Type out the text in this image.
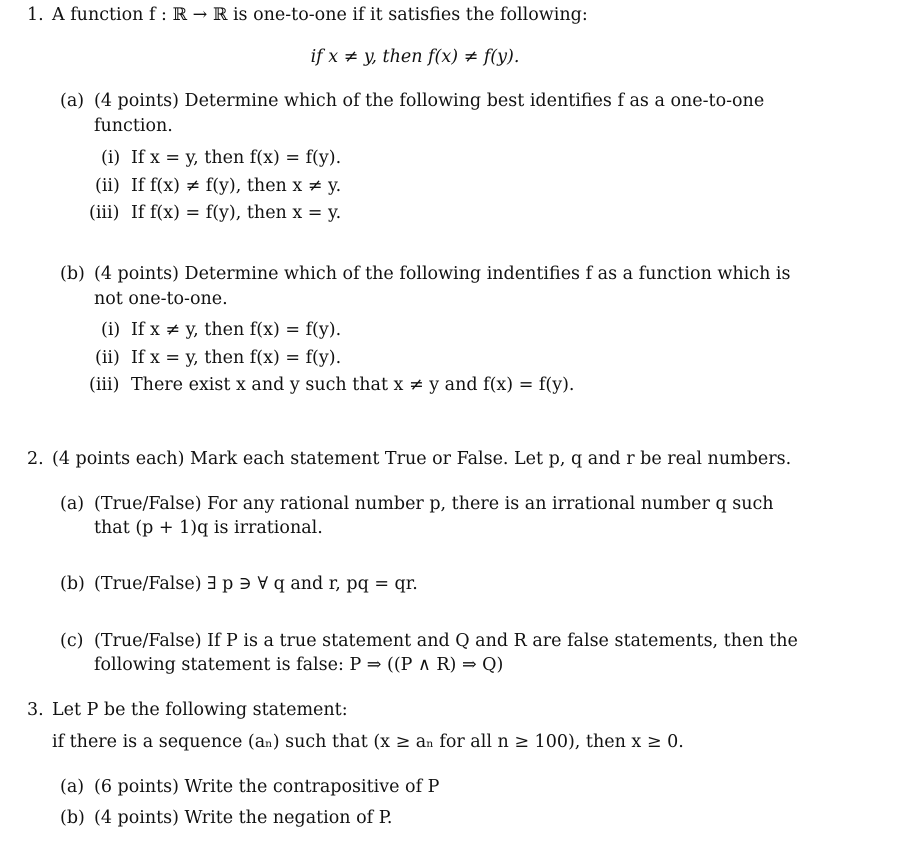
1. A function f : ℝ → ℝ is one-to-one if it satisfies the following:
if x ≠ y, then f(x) ≠ f(y).
(a) (4 points) Determine which of the following best identifies f as a one-to-one
function.
(i) If x = y, then f(x) = f(y).
(ii) If f(x) ≠ f(y), then x ≠ y.
(iii) If f(x) = f(y), then x = y.
(b) (4 points) Determine which of the following indentifies f as a function which is
not one-to-one.
(i) If x ≠ y, then f(x) = f(y).
(ii) If x = y, then f(x) = f(y).
(iii) There exist x and y such that x ≠ y and f(x) = f(y).
2. (4 points each) Mark each statement True or False. Let p, q and r be real numbers.
(a) (True/False) For any rational number p, there is an irrational number q such
that (p + 1)q is irrational.
(b) (True/False) ∃ p ∋ ∀ q and r, pq = qr.
(c) (True/False) If P is a true statement and Q and R are false statements, then the
following statement is false: P ⇒ ((P ∧ R) ⇒ Q)
3. Let P be the following statement:
if there is a sequence (aₙ) such that (x ≥ aₙ for all n ≥ 100), then x ≥ 0.
(a) (6 points) Write the contrapositive of P
(b) (4 points) Write the negation of P.
